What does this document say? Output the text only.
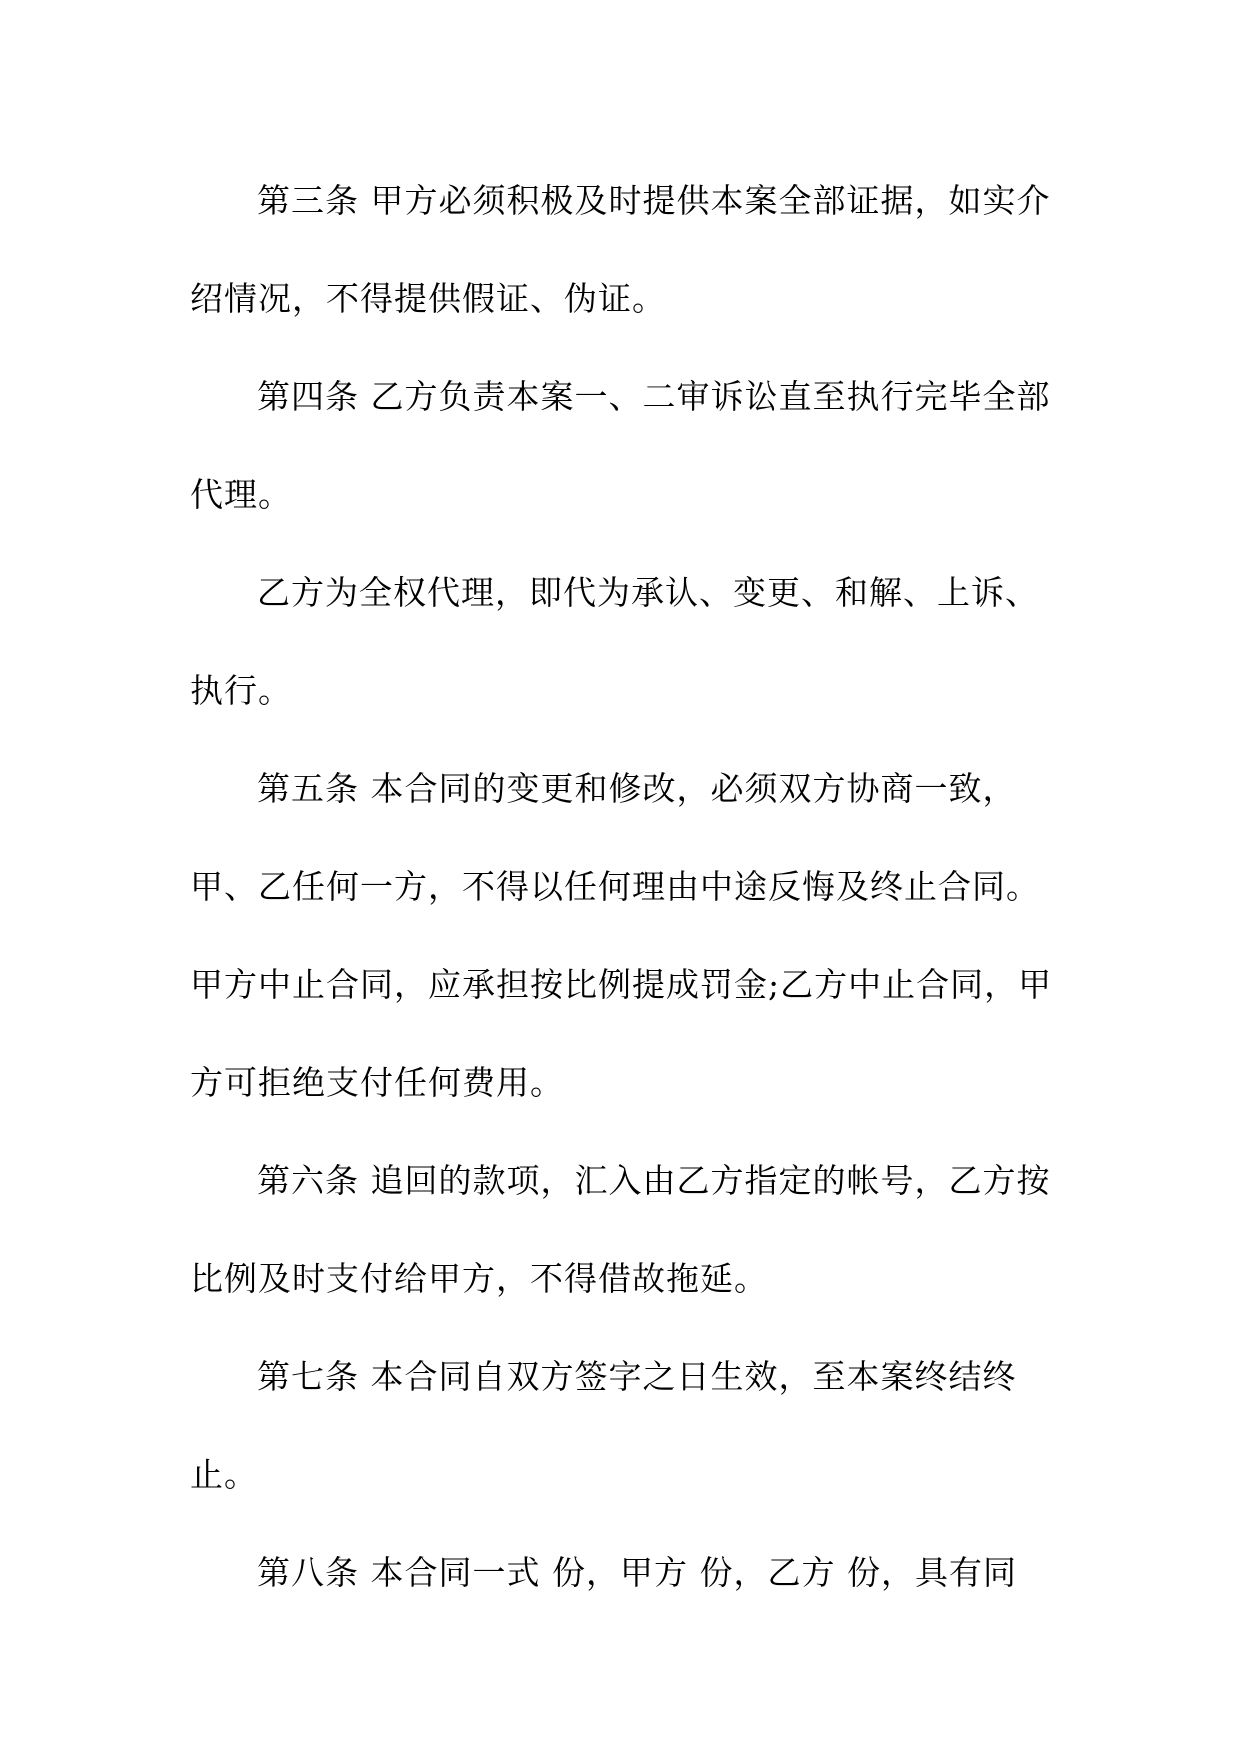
第三条 甲方必须积极及时提供本案全部证据，如实介
绍情况，不得提供假证、伪证。
第四条 乙方负责本案一、二审诉讼直至执行完毕全部
代理。
乙方为全权代理，即代为承认、变更、和解、上诉、
执行。
第五条 本合同的变更和修改，必须双方协商一致，
甲、乙任何一方，不得以任何理由中途反悔及终止合同。
甲方中止合同，应承担按比例提成罚金;乙方中止合同，甲
方可拒绝支付任何费用。
第六条 追回的款项，汇入由乙方指定的帐号，乙方按
比例及时支付给甲方，不得借故拖延。
第七条 本合同自双方签字之日生效，至本案终结终
止。
第八条 本合同一式 份，甲方 份，乙方 份，具有同
